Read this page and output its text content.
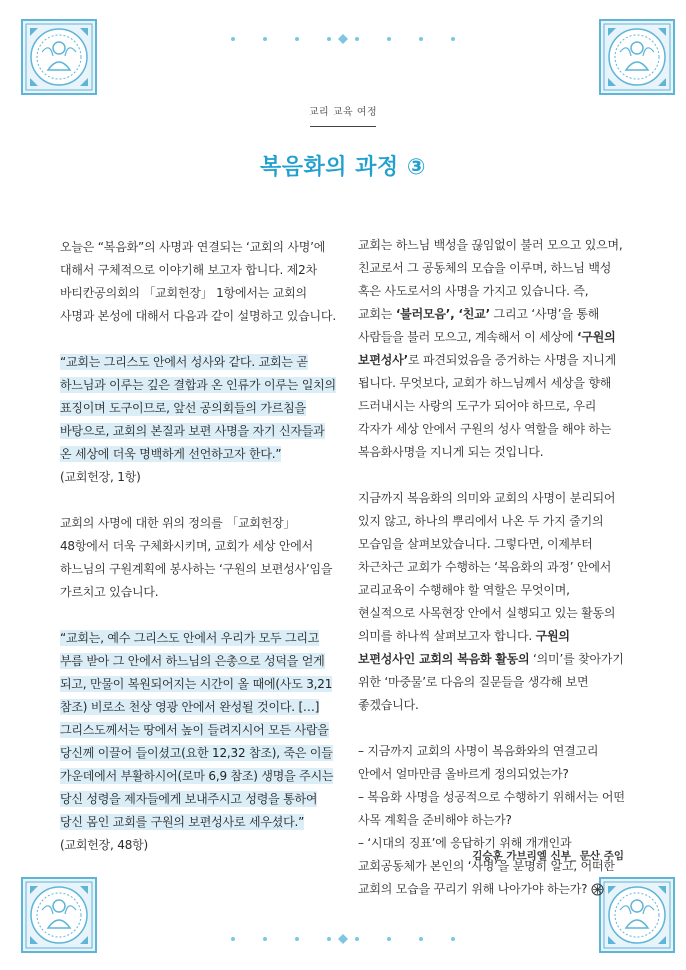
교리 교육 여정
복음화의 과정 ③

오늘은 “복음화”의 사명과 연결되는 ‘교회의 사명’에 대해서 구체적으로 이야기해 보고자 합니다. 제2차 바티칸공의회의 「교회헌장」 1항에서는 교회의 사명과 본성에 대해서 다음과 같이 설명하고 있습니다.

“교회는 그리스도 안에서 성사와 같다. 교회는 곧 하느님과 이루는 깊은 결합과 온 인류가 이루는 일치의 표징이며 도구이므로, 앞선 공의회들의 가르침을 바탕으로, 교회의 본질과 보편 사명을 자기 신자들과 온 세상에 더욱 명백하게 선언하고자 한다.”
(교회헌장, 1항)

교회의 사명에 대한 위의 정의를 「교회헌장」 48항에서 더욱 구체화시키며, 교회가 세상 안에서 하느님의 구원계획에 봉사하는 ‘구원의 보편성사’임을 가르치고 있습니다.

“교회는, 예수 그리스도 안에서 우리가 모두 그리고 부름 받아 그 안에서 하느님의 은총으로 성덕을 얻게 되고, 만물이 복원되어지는 시간이 올 때에(사도 3,21 참조) 비로소 천상 영광 안에서 완성될 것이다. […] 그리스도께서는 땅에서 높이 들려지시어 모든 사람을 당신께 이끌어 들이셨고(요한 12,32 참조), 죽은 이들 가운데에서 부활하시어(로마 6,9 참조) 생명을 주시는 당신 성령을 제자들에게 보내주시고 성령을 통하여 당신 몸인 교회를 구원의 보편성사로 세우셨다.” (교회헌장, 48항)

교회는 하느님 백성을 끊임없이 불러 모으고 있으며, 친교로서 그 공동체의 모습을 이루며, 하느님 백성 혹은 사도로서의 사명을 가지고 있습니다. 즉, 교회는 ‘불러모음’, ‘친교’ 그리고 ‘사명’을 통해 사람들을 불러 모으고, 계속해서 이 세상에 ‘구원의 보편성사’로 파견되었음을 증거하는 사명을 지니게 됩니다. 무엇보다, 교회가 하느님께서 세상을 향해 드러내시는 사랑의 도구가 되어야 하므로, 우리 각자가 세상 안에서 구원의 성사 역할을 해야 하는 복음화사명을 지니게 되는 것입니다.

지금까지 복음화의 의미와 교회의 사명이 분리되어 있지 않고, 하나의 뿌리에서 나온 두 가지 줄기의 모습임을 살펴보았습니다. 그렇다면, 이제부터 차근차근 교회가 수행하는 ‘복음화의 과정’ 안에서 교리교육이 수행해야 할 역할은 무엇이며, 현실적으로 사목현장 안에서 실행되고 있는 활동의 의미를 하나씩 살펴보고자 합니다. 구원의 보편성사인 교회의 복음화 활동의 ‘의미’를 찾아가기 위한 ‘마중물’로 다음의 질문들을 생각해 보면 좋겠습니다.

– 지금까지 교회의 사명이 복음화와의 연결고리 안에서 얼마만큼 올바르게 정의되었는가?
– 복음화 사명을 성공적으로 수행하기 위해서는 어떤 사목 계획을 준비해야 하는가?
– ‘시대의 징표’에 응답하기 위해 개개인과 교회공동체가 본인의 ‘사명’을 분명히 알고, 어떠한 교회의 모습을 꾸리기 위해 나아가야 하는가?
김승훈 가브리엘 신부_ 문산 주임
